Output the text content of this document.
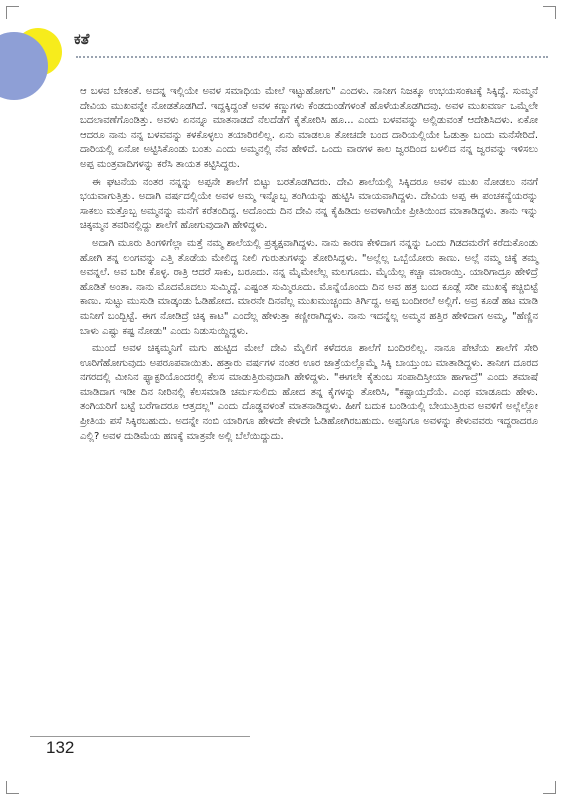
ಕತೆ

ಆ ಬಳವ ಬೇಕಂತೆ. ಅದನ್ನ ಇಲ್ಲಿಯೇ ಅವಳ ಸಮಾಧಿಯ ಮೇಲೆ ಇಟ್ಟುಹೋಗು" ಎಂದಳು. ನಾನೀಗ ನಿಜಕ್ಕೂ ಉಭಯಸಂಕಟಕ್ಕೆ ಸಿಕ್ಕಿದ್ದೆ. ಸುಮ್ಮನೆ ದೇವಿಯ ಮುಖವನ್ನೇ ನೋಡತೊಡಗಿದೆ. ಇದ್ದಕ್ಕಿದ್ದಂತೆ ಅವಳ ಕಣ್ಣುಗಳು ಕೆಂಡದುಂಡೆಗಳಂತೆ ಹೊಳೆಯತೊಡಗಿದವು. ಅವಳ ಮುಖವರ್ಣ ಒಮ್ಮೆಲೇ ಬದಲಾವಣೆಗೊಂಡಿತ್ತು. ಅವಳು ಏನನ್ನೂ ಮಾತನಾಡದೆ ನೆಲದೆಡೆಗೆ ಕೈತೋರಿಸಿ ಹೂ... ಎಂದು ಬಳವವನ್ನು ಅಲ್ಲಿಡುವಂತೆ ಆದೇಶಿಸಿದಳು. ಏಕೋ ಆದರೂ ನಾನು ನನ್ನ ಬಳವವನ್ನು ಕಳಕೊಳ್ಳಲು ತಯಾರಿರಲಿಲ್ಲ. ಏನು ಮಾಡಲೂ ತೋಚದೇ ಬಂದ ದಾರಿಯಲ್ಲಿಯೇ ಓಡುತ್ತಾ ಬಂದು ಮನೆಸೇರಿದೆ. ದಾರಿಯಲ್ಲಿ ಏನೋ ಅಟ್ಟಿಸಿಕೊಂಡು ಬಂತು ಎಂದು ಅಮ್ಮನಲ್ಲಿ ನೆವ ಹೇಳಿದೆ. ಒಂದು ವಾರಗಳ ಕಾಲ ಜ್ವರದಿಂದ ಬಳಲಿದ ನನ್ನ ಜ್ವರವನ್ನು ಇಳಿಸಲು ಅಪ್ಪ ಮಂತ್ರವಾದಿಗಳನ್ನು ಕರೆಸಿ ತಾಯತ ಕಟ್ಟಿಸಿದ್ದರು.

ಈ ಘಟನೆಯ ನಂತರ ನನ್ನನ್ನು ಅಪ್ಪನೇ ಶಾಲೆಗೆ ಬಿಟ್ಟು ಬರತೊಡಗಿದರು. ದೇವಿ ಶಾಲೆಯಲ್ಲಿ ಸಿಕ್ಕಿದರೂ ಅವಳ ಮುಖ ನೋಡಲು ನನಗೆ ಭಯವಾಗುತ್ತಿತ್ತು. ಅದಾಗಿ ವರ್ಷದಲ್ಲಿಯೇ ಅವಳ ಅಮ್ಮ ಇನ್ನೊಬ್ಬ ತಂಗಿಯನ್ನು ಹುಟ್ಟಿಸಿ ಮಾಯವಾಗಿದ್ದಳು. ದೇವಿಯ ಅಪ್ಪ ಈ ಪಂಚಕನ್ಯೆಯರನ್ನು ಸಾಕಲು ಮತ್ತೊಬ್ಬ ಅಮ್ಮನನ್ನು ಮನೆಗೆ ಕರೆತಂದಿದ್ದ. ಅದೊಂದು ದಿನ ದೇವಿ ನನ್ನ ಕೈಹಿಡಿದು ಅವಳಾಗಿಯೇ ಪ್ರೀತಿಯಿಂದ ಮಾತಾಡಿದ್ದಳು. ತಾನು ಇನ್ನು ಚಿಕ್ಕಮ್ಮನ ತವರಿನಲ್ಲಿದ್ದು ಶಾಲೆಗೆ ಹೋಗುವುದಾಗಿ ಹೇಳಿದ್ದಳು.

ಅದಾಗಿ ಮೂರು ತಿಂಗಳಿಗೆಲ್ಲಾ ಮತ್ತೆ ನಮ್ಮ ಶಾಲೆಯಲ್ಲಿ ಪ್ರತ್ಯಕ್ಷವಾಗಿದ್ದಳು. ನಾನು ಕಾರಣ ಕೇಳಿದಾಗ ನನ್ನನ್ನು ಒಂದು ಗಿಡದಮರೆಗೆ ಕರೆದುಕೊಂಡು ಹೋಗಿ ತನ್ನ ಲಂಗವನ್ನು ಎತ್ತಿ ತೊಡೆಯ ಮೇಲಿದ್ದ ನೀಲಿ ಗುರುತುಗಳನ್ನು ತೋರಿಸಿದ್ದಳು. "ಅಲ್ಲೆಲ್ಲ ಒಬ್ಬೆಯೋರು ಕಾಣು. ಅಲ್ಲೆ ನಮ್ಮ ಚಿಕ್ಕೆ ತಮ್ಮ ಅವನ್ನಲೆ. ಅವ ಬರೀ ಕೊಳ್ಳ. ರಾತ್ರಿ ಆದರೆ ಸಾಕು, ಬರೂದು. ನನ್ನ ಮೈಮೇಲೆಲ್ಲ ಮಲಗೂದು. ಮೈಯೆಲ್ಲ ಕಚ್ಚಾ ಮಾರಾಯ್ತಿ. ಯಾರಿಗಾದ್ರೂ ಹೇಳಿದ್ರೆ ಹೊಡಿತೆ ಅಂತಾ. ನಾನು ಮೊದಮೊದಲು ಸುಮ್ಮಿದ್ದೆ. ಎಷ್ಟಂತ ಸುಮ್ಮಿರೂದು. ಮೊನ್ನೆಯೊಂದು ದಿನ ಅವ ಹತ್ರ ಬಂದ ಕೂಡ್ಲೆ ಸರೀ ಮುಖಕ್ಕೆ ಕಚ್ಚಿಬಿಟ್ಟೆ ಕಾಣು. ಸುಟ್ಟು ಮುಸುಡಿ ಮಾಡ್ಕಂಡು ಓಡಿಹೋದ. ಮಾರನೇ ದಿನವೆಲ್ಲ ಮುಖಮುಚ್ಚಂದು ತಿರ್ಗಿದ್ದ. ಅಪ್ಪ ಬಂದೀರಲೆ ಅಲ್ಲಿಗೆ. ಅವ್ರ ಕೂಡೆ ಹಟ ಮಾಡಿ ಮನೀಗೆ ಬಂದ್ಬಿಟ್ಟೆ. ಈಗ ನೋಡಿದ್ರೆ ಚಿಕ್ಕ ಕಾಟ" ಎಂದೆಲ್ಲ ಹೇಳುತ್ತಾ ಕಣ್ಣೀರಾಗಿದ್ದಳು. ನಾನು ಇದನ್ನೆಲ್ಲ ಅಮ್ಮನ ಹತ್ತಿರ ಹೇಳಿದಾಗ ಅಮ್ಮ, "ಹೆಣ್ಣಿನ ಬಾಳು ಎಷ್ಟು ಕಷ್ಟ ನೋಡು" ಎಂದು ನಿಡುಸುಯ್ದಿದ್ದಳು.

ಮುಂದೆ ಅವಳ ಚಿಕ್ಕಮ್ಮನಿಗೆ ಮಗು ಹುಟ್ಟಿದ ಮೇಲೆ ದೇವಿ ಮೈಲಿಗೆ ಕಳೆದರೂ ಶಾಲೆಗೆ ಬಂದಿರಲಿಲ್ಲ. ನಾನೂ ಪೇಟೆಯ ಶಾಲೆಗೆ ಸೇರಿ ಊರಿಗೆಹೋಗುವುದು ಅಪರೂಪವಾಯಿತು. ಹತ್ತಾರು ವರ್ಷಗಳ ನಂತರ ಊರ ಜಾತ್ರೆಯಲ್ಲೊಮ್ಮೆ ಸಿಕ್ಕಿ ಬಾಯ್ತುಂಬ ಮಾತಾಡಿದ್ದಳು. ತಾನೀಗ ದೂರದ ನಗರದಲ್ಲಿ ಮೀನಿನ ಫ್ಯಾಕ್ಟರಿಯೊಂದರಲ್ಲಿ ಕೆಲಸ ಮಾಡುತ್ತಿರುವುದಾಗಿ ಹೇಳಿದ್ದಳು. "ಈಗಲೇ ಕೈತುಂಬ ಸಂಪಾದಿಸ್ತೀಯಾ ಹಾಗಾದ್ರೆ" ಎಂದು ತಮಾಷೆ ಮಾಡಿದಾಗ ಇಡೀ ದಿನ ನೀರಿನಲ್ಲಿ ಕೆಲಸಮಾಡಿ ಚರ್ಮಸುಲಿದು ಹೋದ ತನ್ನ ಕೈಗಳನ್ನು ತೋರಿಸಿ, "ಕಷ್ಟಾಯ್ತದೆಯೆ. ಎಂಥ ಮಾಡೂದು ಹೇಳು. ತಂಗಿಯರಿಗೆ ಬಟ್ಟೆ ಬರೆಗಾದರೂ ಆತ್ತದಲ್ಲ" ಎಂದು ದೊಡ್ಡವಳಂತೆ ಮಾತನಾಡಿದ್ದಳು. ಹೀಗೆ ಬದುಕ ಬಂಡಿಯಲ್ಲಿ ಬೇಯುತ್ತಿರುವ ಅವಳಿಗೆ ಅಲ್ಲೆಲ್ಲೋ ಪ್ರೀತಿಯ ಪಸೆ ಸಿಕ್ಕಿರಬಹುದು. ಅದನ್ನೇ ನಂಬಿ ಯಾರಿಗೂ ಹೇಳದೇ ಕೇಳದೇ ಓಡಿಹೋಗಿರಬಹುದು. ಅಪ್ಪನಿಗೂ ಅವಳನ್ನು ಕೇಳುವವರು ಇದ್ದರಾದರೂ ಎಲ್ಲಿ? ಅವಳ ದುಡಿಮೆಯ ಹಣಕ್ಕೆ ಮಾತ್ರವೇ ಅಲ್ಲಿ ಬೆಲೆಯಿದ್ದುದು.

132
